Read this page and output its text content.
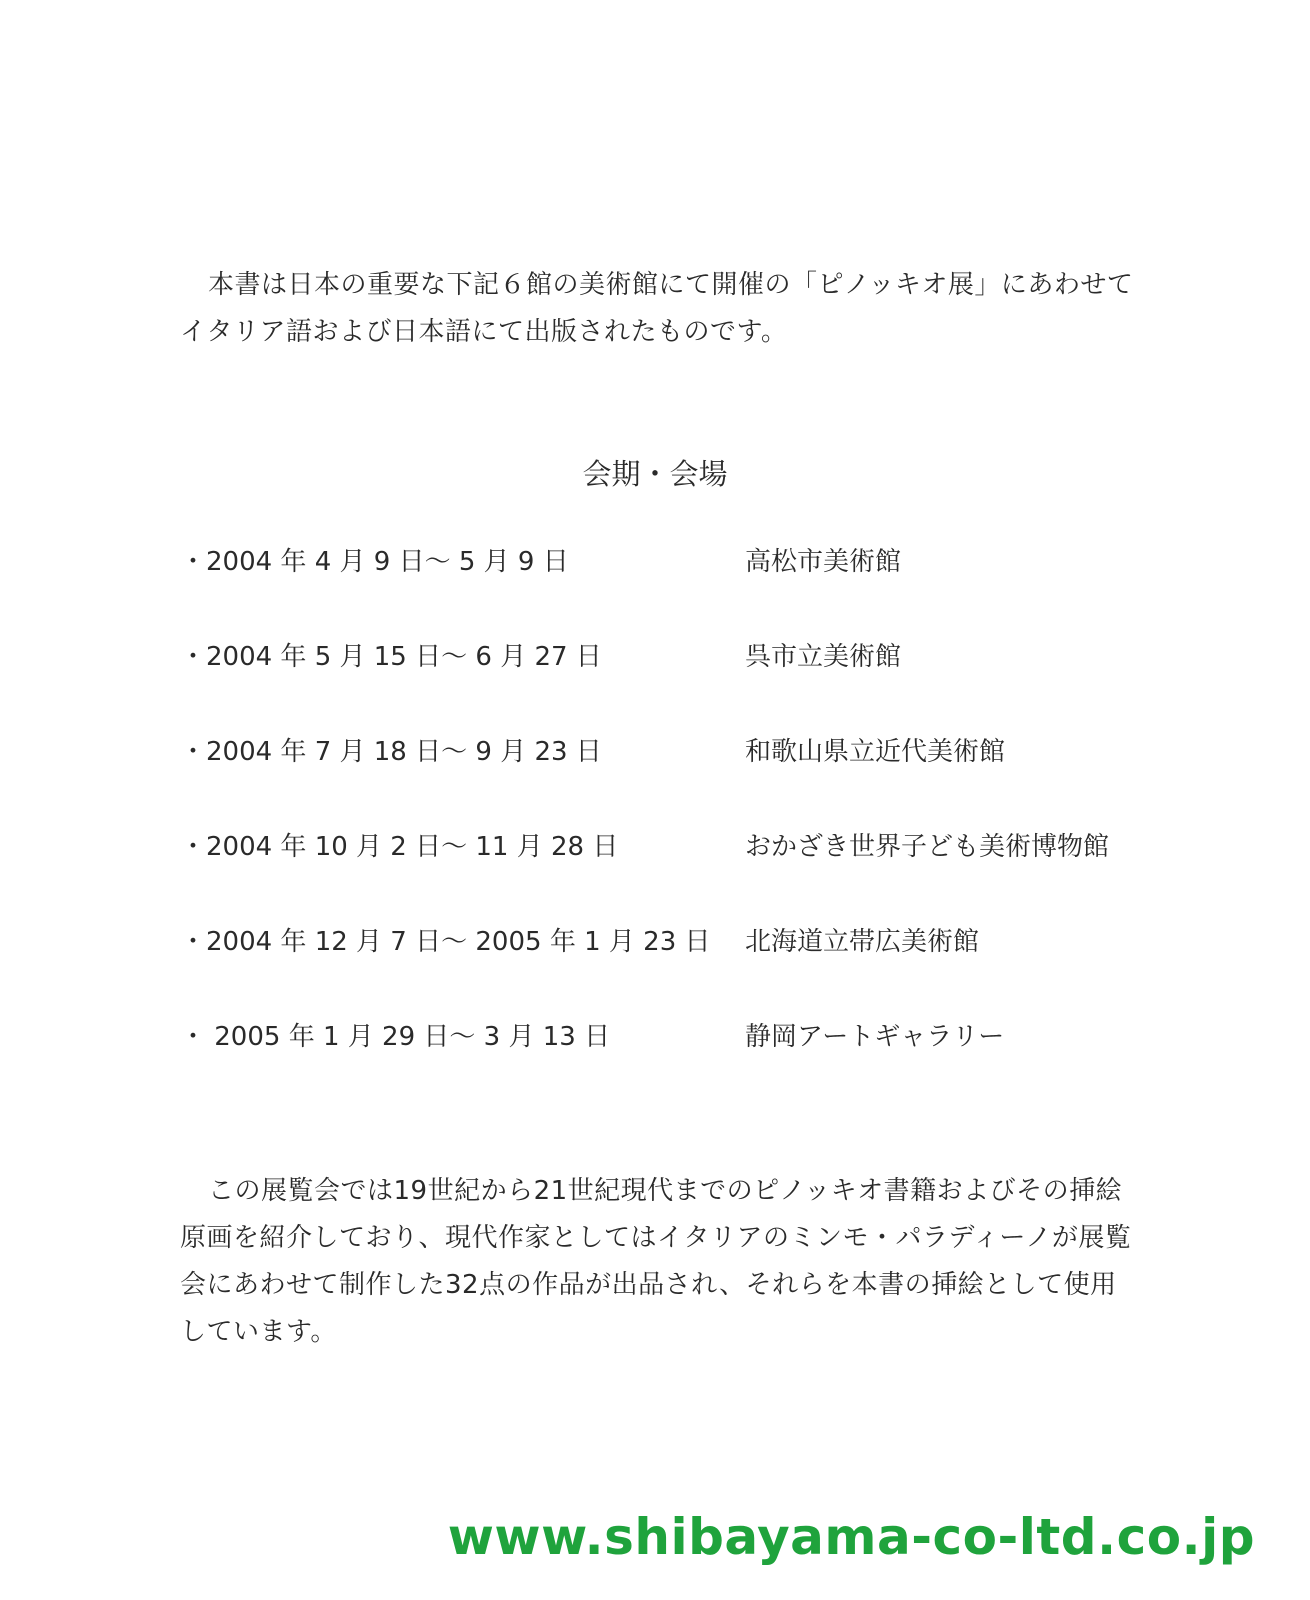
本書は日本の重要な下記６館の美術館にて開催の「ピノッキオ展」にあわせてイタリア語および日本語にて出版されたものです。

会期・会場
・2004 年 4 月 9 日～ 5 月 9 日	高松市美術館
・2004 年 5 月 15 日～ 6 月 27 日	呉市立美術館
・2004 年 7 月 18 日～ 9 月 23 日	和歌山県立近代美術館
・2004 年 10 月 2 日～ 11 月 28 日	おかざき世界子ども美術博物館
・2004 年 12 月 7 日～ 2005 年 1 月 23 日	北海道立帯広美術館
・ 2005 年 1 月 29 日～ 3 月 13 日	静岡アートギャラリー

この展覧会では19世紀から21世紀現代までのピノッキオ書籍およびその挿絵原画を紹介しており、現代作家としてはイタリアのミンモ・パラディーノが展覧会にあわせて制作した32点の作品が出品され、それらを本書の挿絵として使用しています。

www.shibayama-co-ltd.co.jp
